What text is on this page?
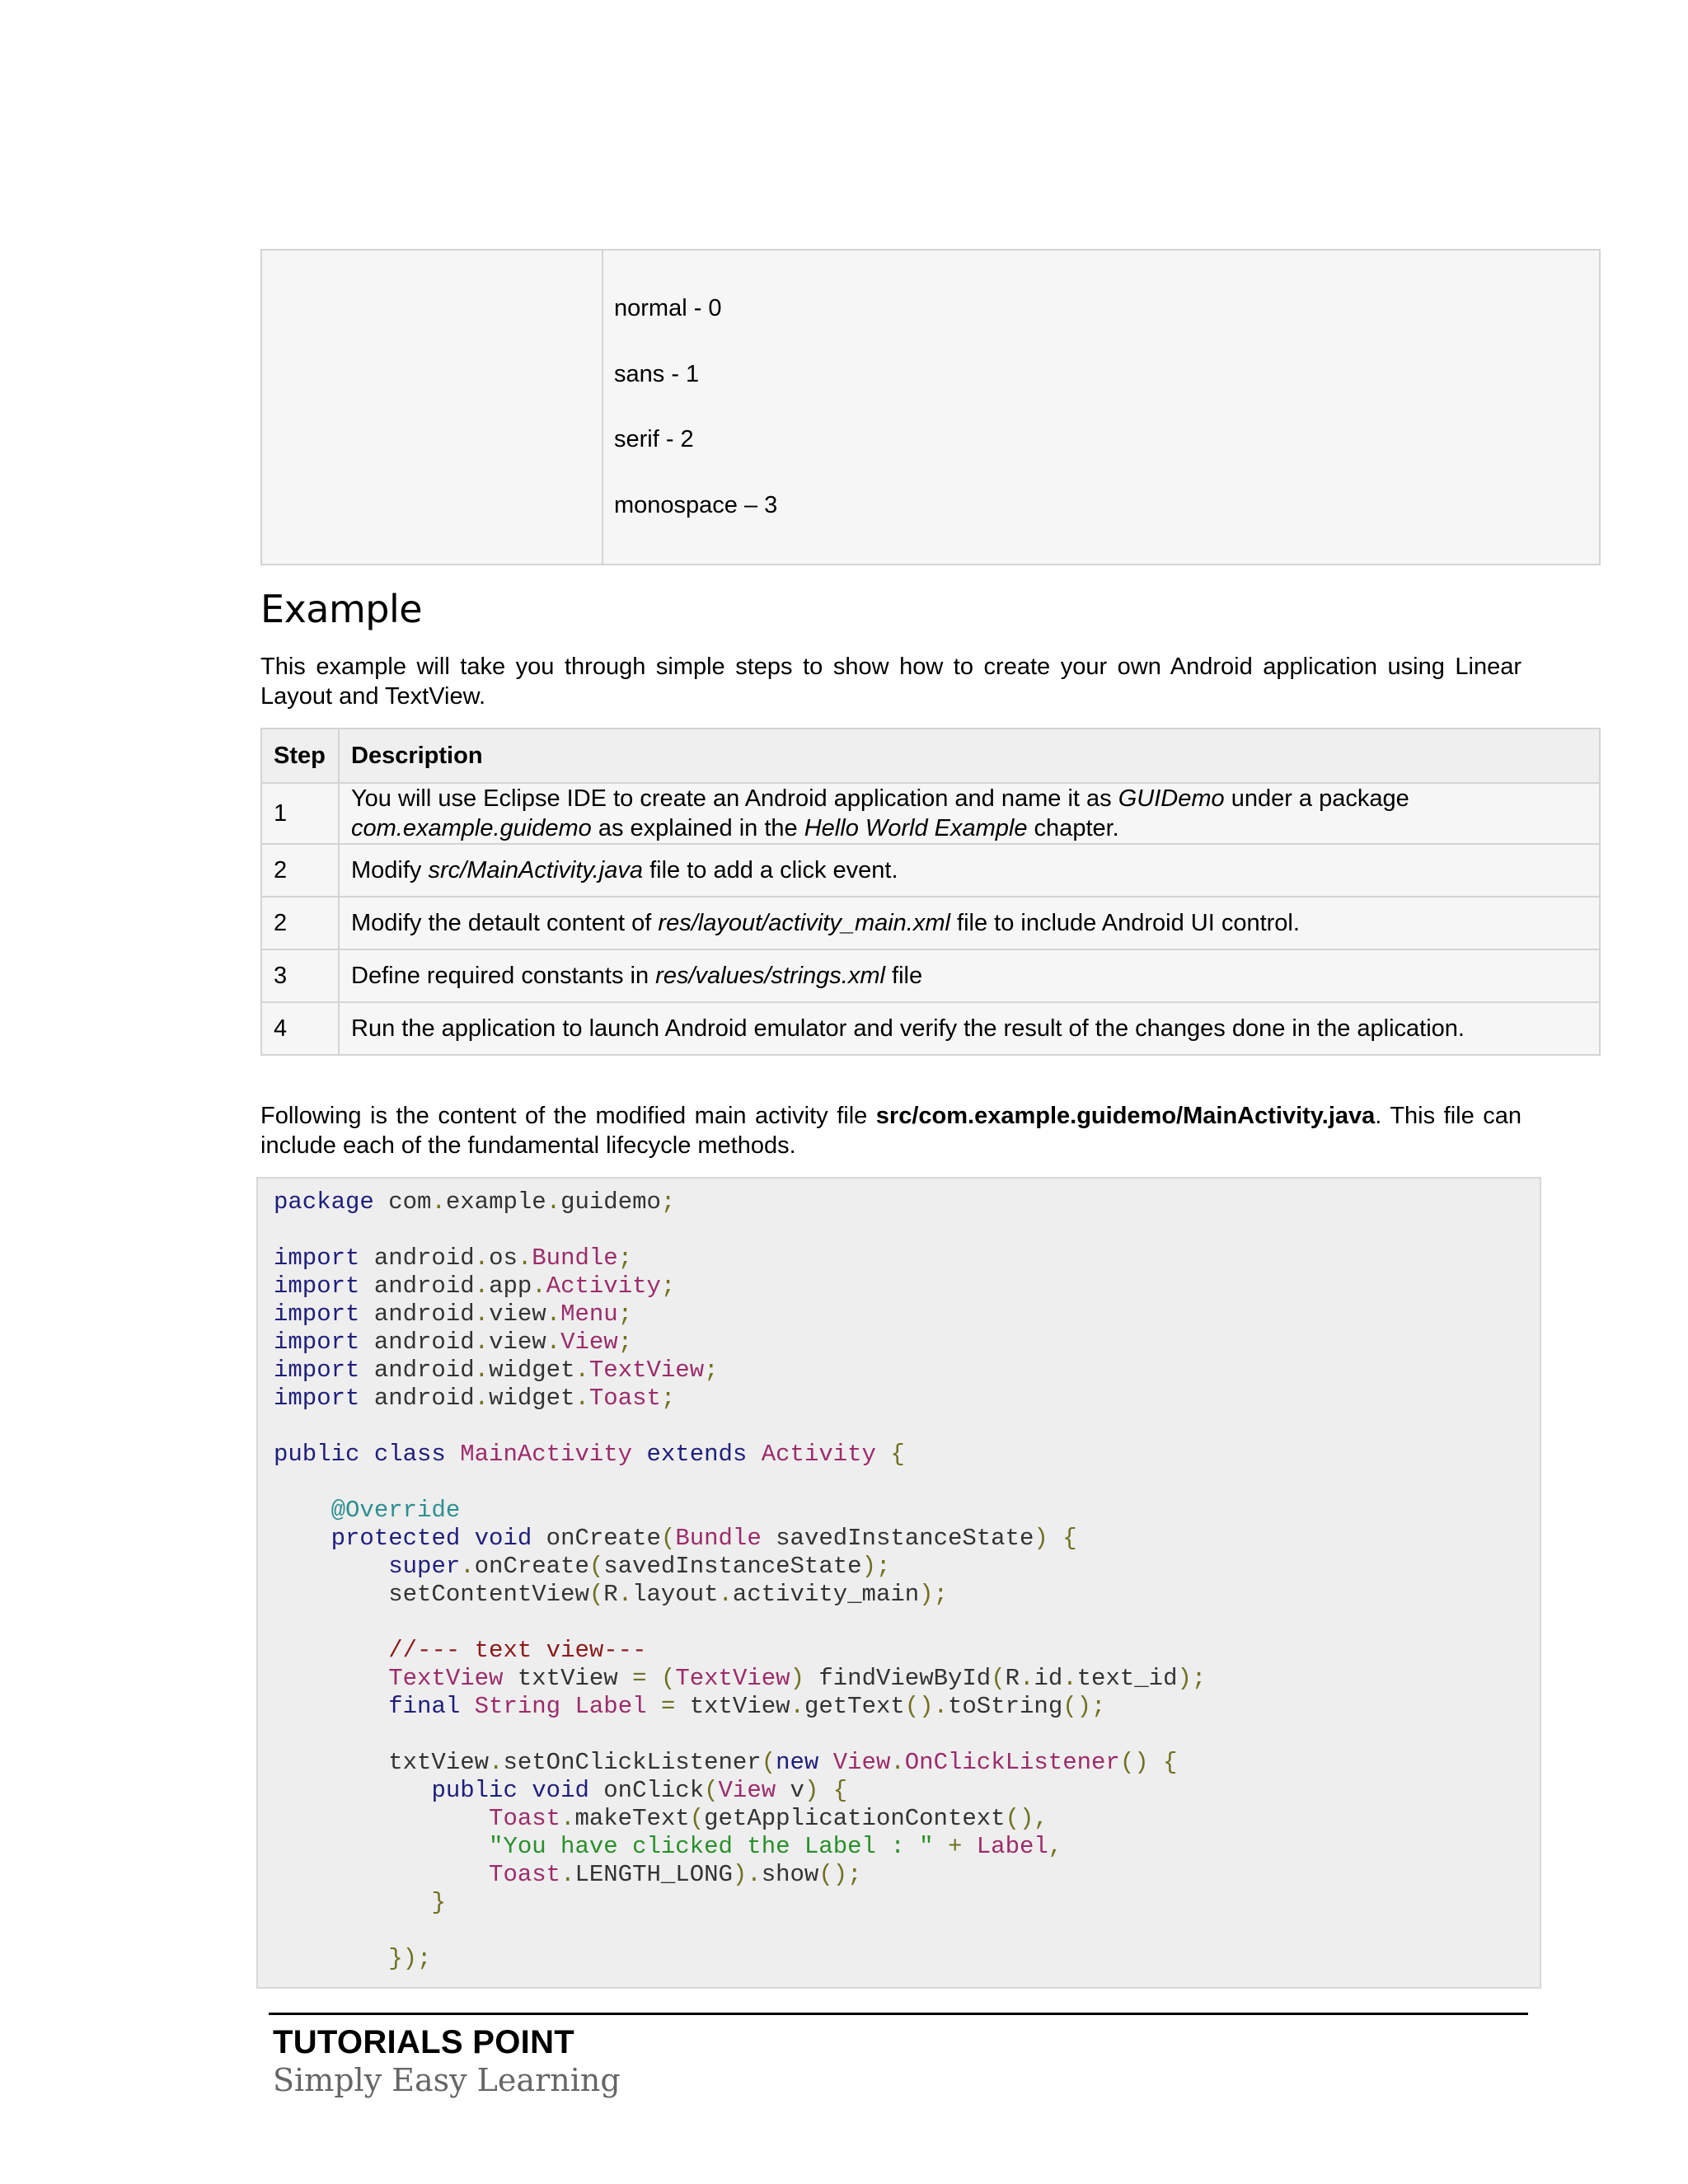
normal - 0
sans - 1
serif - 2
monospace – 3
Example

This example will take you through simple steps to show how to create your own Android application using Linear Layout and TextView.

Step	Description
1	You will use Eclipse IDE to create an Android application and name it as GUIDemo under a package
com.example.guidemo as explained in the Hello World Example chapter.
2	Modify src/MainActivity.java file to add a click event.
2	Modify the detault content of res/layout/activity_main.xml file to include Android UI control.
3	Define required constants in res/values/strings.xml file
4	Run the application to launch Android emulator and verify the result of the changes done in the aplication.

Following is the content of the modified main activity file src/com.example.guidemo/MainActivity.java. This file can include each of the fundamental lifecycle methods.

package com.example.guidemo;
import android.os.Bundle;
import android.app.Activity;
import android.view.Menu;
import android.view.View;
import android.widget.TextView;
import android.widget.Toast;
public class MainActivity extends Activity {
@Override
protected void onCreate(Bundle savedInstanceState) {
super.onCreate(savedInstanceState);
setContentView(R.layout.activity_main);
//--- text view---
TextView txtView = (TextView) findViewById(R.id.text_id);
final String Label = txtView.getText().toString();
txtView.setOnClickListener(new View.OnClickListener() {
public void onClick(View v) {
Toast.makeText(getApplicationContext(),
"You have clicked the Label : " + Label,
Toast.LENGTH_LONG).show();
}
});
TUTORIALS POINT
Simply Easy Learning
